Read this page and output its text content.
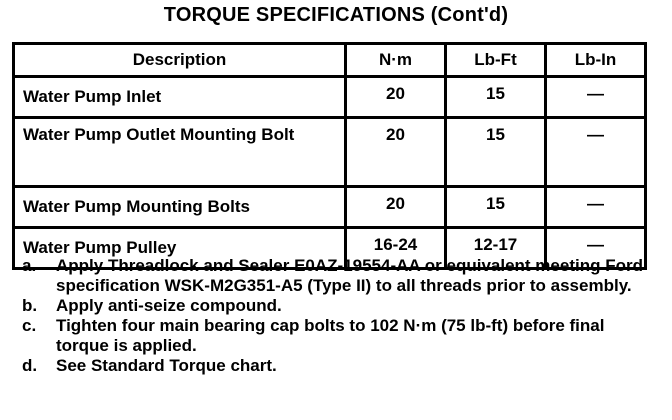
TORQUE SPECIFICATIONS (Cont'd)
Description	N·m	Lb-Ft	Lb-In
Water Pump Inlet	20	15	—
Water Pump Outlet Mounting Bolt	20	15	—
Water Pump Mounting Bolts	20	15	—
Water Pump Pulley	16-24	12-17	—
a.	Apply Threadlock and Sealer E0AZ-19554-AA or equivalent meeting Ford specification WSK-M2G351-A5 (Type II) to all threads prior to assembly.
b.	Apply anti-seize compound.
c.	Tighten four main bearing cap bolts to 102 N·m (75 lb-ft) before final torque is applied.
d.	See Standard Torque chart.
